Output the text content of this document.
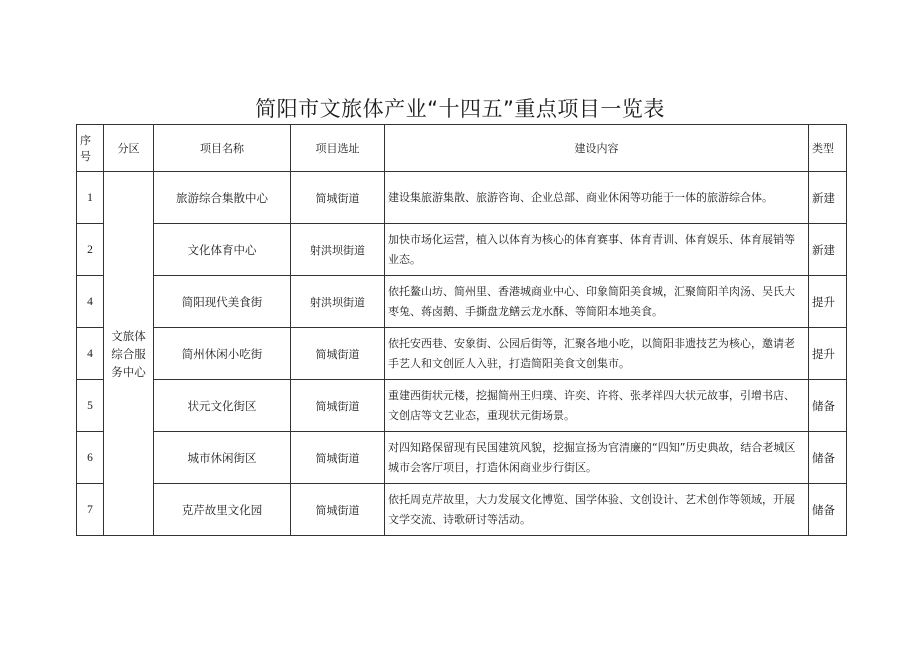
简阳市文旅体产业“十四五”重点项目一览表
序号	分区	项目名称	项目选址	建设内容	类型
1	文旅体综合服务中心	旅游综合集散中心	简城街道	建设集旅游集散、旅游咨询、企业总部、商业休闲等功能于一体的旅游综合体。	新建
2		文化体育中心	射洪坝街道	加快市场化运营，植入以体育为核心的体育赛事、体育青训、体育娱乐、体育展销等业态。	新建
4		简阳现代美食街	射洪坝街道	依托鳌山坊、简州里、香港城商业中心、印象简阳美食城，汇聚简阳羊肉汤、吴氏大枣兔、蒋卤鹅、手撕盘龙鳝云龙水酥、等简阳本地美食。	提升
4		简州休闲小吃街	简城街道	依托安西巷、安象街、公园后街等，汇聚各地小吃，以简阳非遗技艺为核心，邀请老手艺人和文创匠人入驻，打造简阳美食文创集市。	提升
5		状元文化街区	简城街道	重建西街状元楼，挖掘简州王归璞、许奕、许将、张孝祥四大状元故事，引增书店、文创店等文艺业态，重现状元街场景。	储备
6		城市休闲街区	简城街道	对四知路保留现有民国建筑风貌，挖掘宣扬为官清廉的“四知”历史典故，结合老城区城市会客厅项目，打造休闲商业步行街区。	储备
7		克芹故里文化园	简城街道	依托周克芹故里，大力发展文化博览、国学体验、文创设计、艺术创作等领域，开展文学交流、诗歌研讨等活动。	储备
